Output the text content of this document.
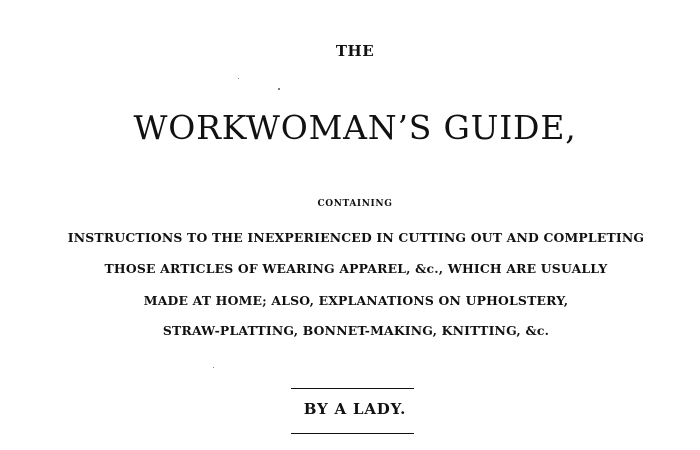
THE
WORKWOMAN’S GUIDE,
CONTAINING
INSTRUCTIONS TO THE INEXPERIENCED IN CUTTING OUT AND COMPLETING
THOSE ARTICLES OF WEARING APPAREL, &c., WHICH ARE USUALLY
MADE AT HOME; ALSO, EXPLANATIONS ON UPHOLSTERY,
STRAW-PLATTING, BONNET-MAKING, KNITTING, &c.
BY A LADY.
